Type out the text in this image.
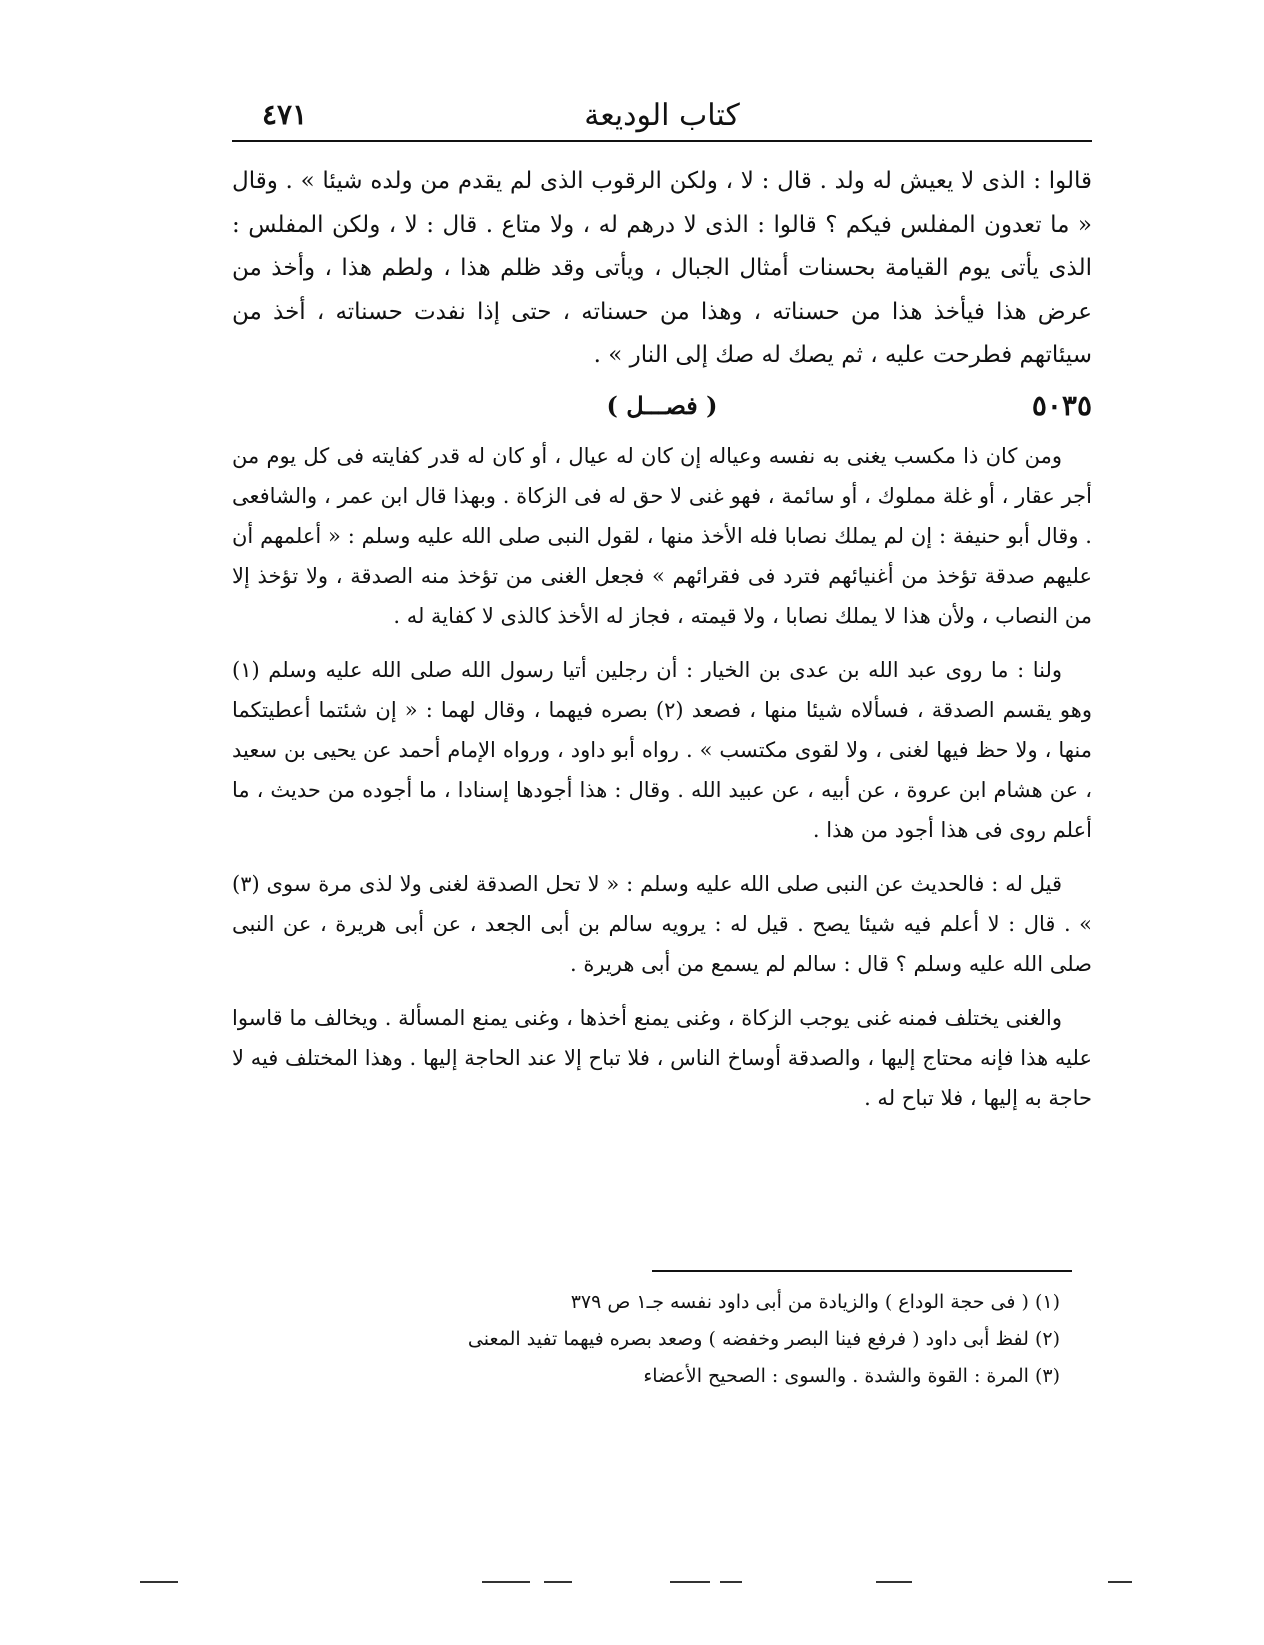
كتاب الوديعة
٤٧١

قالوا : الذى لا يعيش له ولد . قال : لا ، ولكن الرقوب الذى لم يقدم من ولده شيئا » . وقال « ما تعدون المفلس فيكم ؟ قالوا : الذى لا درهم له ، ولا متاع . قال : لا ، ولكن المفلس : الذى يأتى يوم القيامة بحسنات أمثال الجبال ، ويأتى وقد ظلم هذا ، ولطم هذا ، وأخذ من عرض هذا فيأخذ هذا من حسناته ، وهذا من حسناته ، حتى إذا نفدت حسناته ، أخذ من سيئاتهم فطرحت عليه ، ثم يصك له صك إلى النار » .

٥٠٣٥
( فصـــل )

ومن كان ذا مكسب يغنى به نفسه وعياله إن كان له عيال ، أو كان له قدر كفايته فى كل يوم من أجر عقار ، أو غلة مملوك ، أو سائمة ، فهو غنى لا حق له فى الزكاة . وبهذا قال ابن عمر ، والشافعى . وقال أبو حنيفة : إن لم يملك نصابا فله الأخذ منها ، لقول النبى صلى الله عليه وسلم : « أعلمهم أن عليهم صدقة تؤخذ من أغنيائهم فترد فى فقرائهم » فجعل الغنى من تؤخذ منه الصدقة ، ولا تؤخذ إلا من النصاب ، ولأن هذا لا يملك نصابا ، ولا قيمته ، فجاز له الأخذ كالذى لا كفاية له .

ولنا : ما روى عبد الله بن عدى بن الخيار : أن رجلين أتيا رسول الله صلى الله عليه وسلم (١) وهو يقسم الصدقة ، فسألاه شيئا منها ، فصعد (٢) بصره فيهما ، وقال لهما : « إن شئتما أعطيتكما منها ، ولا حظ فيها لغنى ، ولا لقوى مكتسب » . رواه أبو داود ، ورواه الإمام أحمد عن يحيى بن سعيد ، عن هشام ابن عروة ، عن أبيه ، عن عبيد الله . وقال : هذا أجودها إسنادا ، ما أجوده من حديث ، ما أعلم روى فى هذا أجود من هذا .

قيل له : فالحديث عن النبى صلى الله عليه وسلم : « لا تحل الصدقة لغنى ولا لذى مرة سوى (٣) » . قال : لا أعلم فيه شيئا يصح . قيل له : يرويه سالم بن أبى الجعد ، عن أبى هريرة ، عن النبى صلى الله عليه وسلم ؟ قال : سالم لم يسمع من أبى هريرة .

والغنى يختلف فمنه غنى يوجب الزكاة ، وغنى يمنع أخذها ، وغنى يمنع المسألة . ويخالف ما قاسوا عليه هذا فإنه محتاج إليها ، والصدقة أوساخ الناس ، فلا تباح إلا عند الحاجة إليها . وهذا المختلف فيه لا حاجة به إليها ، فلا تباح له .

(١) ( فى حجة الوداع ) والزيادة من أبى داود نفسه جـ١ ص ٣٧٩

(٢) لفظ أبى داود ( فرفع فينا البصر وخفضه ) وصعد بصره فيهما تفيد المعنى

(٣) المرة : القوة والشدة . والسوى : الصحيح الأعضاء
